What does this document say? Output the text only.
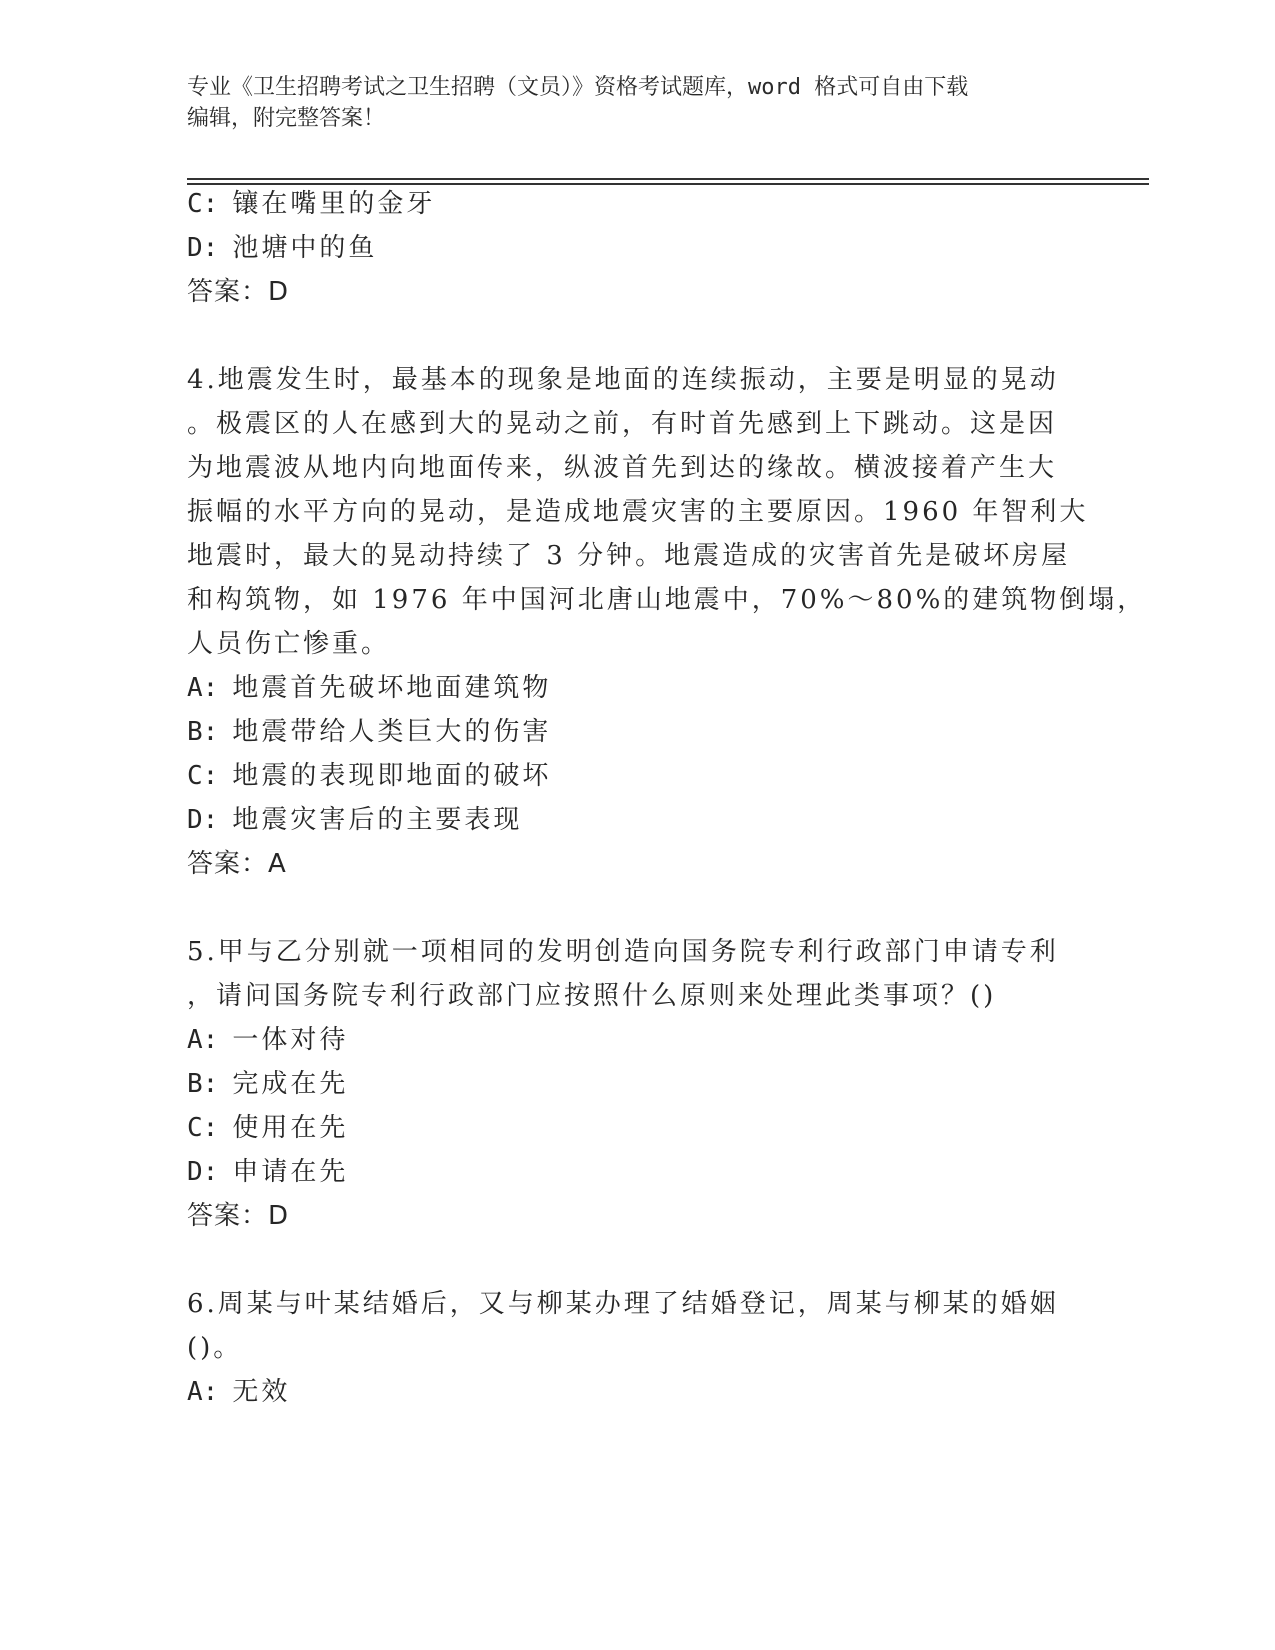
专业《卫生招聘考试之卫生招聘（文员）》资格考试题库，word 格式可自由下载
编辑，附完整答案！
C: 镶在嘴里的金牙
D: 池塘中的鱼
答案：D
4.地震发生时，最基本的现象是地面的连续振动，主要是明显的晃动
。极震区的人在感到大的晃动之前，有时首先感到上下跳动。这是因
为地震波从地内向地面传来，纵波首先到达的缘故。横波接着产生大
振幅的水平方向的晃动，是造成地震灾害的主要原因。1960 年智利大
地震时，最大的晃动持续了 3 分钟。地震造成的灾害首先是破坏房屋
和构筑物，如 1976 年中国河北唐山地震中，70%～80%的建筑物倒塌，
人员伤亡惨重。
A: 地震首先破坏地面建筑物
B: 地震带给人类巨大的伤害
C: 地震的表现即地面的破坏
D: 地震灾害后的主要表现
答案：A
5.甲与乙分别就一项相同的发明创造向国务院专利行政部门申请专利
，请问国务院专利行政部门应按照什么原则来处理此类事项？()
A: 一体对待
B: 完成在先
C: 使用在先
D: 申请在先
答案：D
6.周某与叶某结婚后，又与柳某办理了结婚登记，周某与柳某的婚姻
()。
A: 无效
